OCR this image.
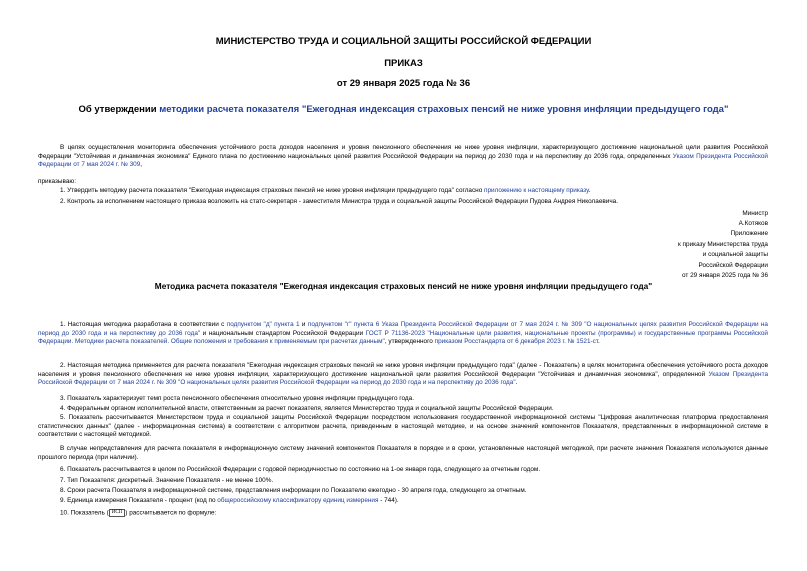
МИНИСТЕРСТВО ТРУДА И СОЦИАЛЬНОЙ ЗАЩИТЫ РОССИЙСКОЙ ФЕДЕРАЦИИ

ПРИКАЗ

от 29 января 2025 года № 36

Об утверждении методики расчета показателя "Ежегодная индексация страховых пенсий не ниже уровня инфляции предыдущего года"

В целях осуществления мониторинга обеспечения устойчивого роста доходов населения и уровня пенсионного обеспечения не ниже уровня инфляции, характеризующего достижение национальной цели развития Российской Федерации "Устойчивая и динамичная экономика" Единого плана по достижению национальных целей развития Российской Федерации на период до 2030 года и на перспективу до 2036 года, определенных Указом Президента Российской Федерации от 7 мая 2024 г. № 309,

приказываю:

1. Утвердить методику расчета показателя "Ежегодная индексация страховых пенсий не ниже уровня инфляции предыдущего года" согласно приложению к настоящему приказу.

2. Контроль за исполнением настоящего приказа возложить на статс-секретаря - заместителя Министра труда и социальной защиты Российской Федерации Пудова Андрея Николаевича.

Министр

А.Котяков

Приложение

к приказу Министерства труда

и социальной защиты

Российской Федерации

от 29 января 2025 года № 36

Методика расчета показателя "Ежегодная индексация страховых пенсий не ниже уровня инфляции предыдущего года"

1. Настоящая методика разработана в соответствии с подпунктом "д" пункта 1 и подпунктом "г" пункта 6 Указа Президента Российской Федерации от 7 мая 2024 г. № 309 "О национальных целях развития Российской Федерации на период до 2030 года и на перспективу до 2036 года" и национальным стандартом Российской Федерации ГОСТ Р 71136-2023 "Национальные цели развития, национальные проекты (программы) и государственные программы Российской Федерации. Методики расчета показателей. Общие положения и требования к применяемым при расчетах данным", утвержденного приказом Росстандарта от 6 декабря 2023 г. № 1521-ст.

2. Настоящая методика применяется для расчета показателя "Ежегодная индексация страховых пенсий не ниже уровня инфляции предыдущего года" (далее - Показатель) в целях мониторинга обеспечения устойчивого роста доходов населения и уровня пенсионного обеспечения не ниже уровня инфляции, характеризующего достижение национальной цели развития Российской Федерации "Устойчивая и динамичная экономика", определенной Указом Президента Российской Федерации от 7 мая 2024 г. № 309 "О национальных целях развития Российской Федерации на период до 2030 года и на перспективу до 2036 года".

3. Показатель характеризует темп роста пенсионного обеспечения относительно уровня инфляции предыдущего года.

4. Федеральным органом исполнительной власти, ответственным за расчет показателя, является Министерство труда и социальной защиты Российской Федерации.

5. Показатель рассчитывается Министерством труда и социальной защиты Российской Федерации посредством использования государственной информационной системы "Цифровая аналитическая платформа предоставления статистических данных" (далее - информационная система) в соответствии с алгоритмом расчета, приведенным в настоящей методике, и на основе значений компонентов Показателя, представленных в информационной системе в соответствии с настоящей методикой.

В случае непредставления для расчета показателя в информационную систему значений компонентов Показателя в порядке и в сроки, установленные настоящей методикой, при расчете значения Показателя используются данные прошлого периода (при наличии).

6. Показатель рассчитывается в целом по Российской Федерации с годовой периодичностью по состоянию на 1-ое января года, следующего за отчетным годом.

7. Тип Показателя: дискретный. Значение Показателя - не менее 100%.

8. Сроки расчета Показателя в информационной системе, представления информации по Показателю ежегодно - 30 апреля года, следующего за отчетным.

9. Единица измерения Показателя - процент (код по общероссийскому классификатору единиц измерения - 744).

10. Показатель ( ИСП ) рассчитывается по формуле:
